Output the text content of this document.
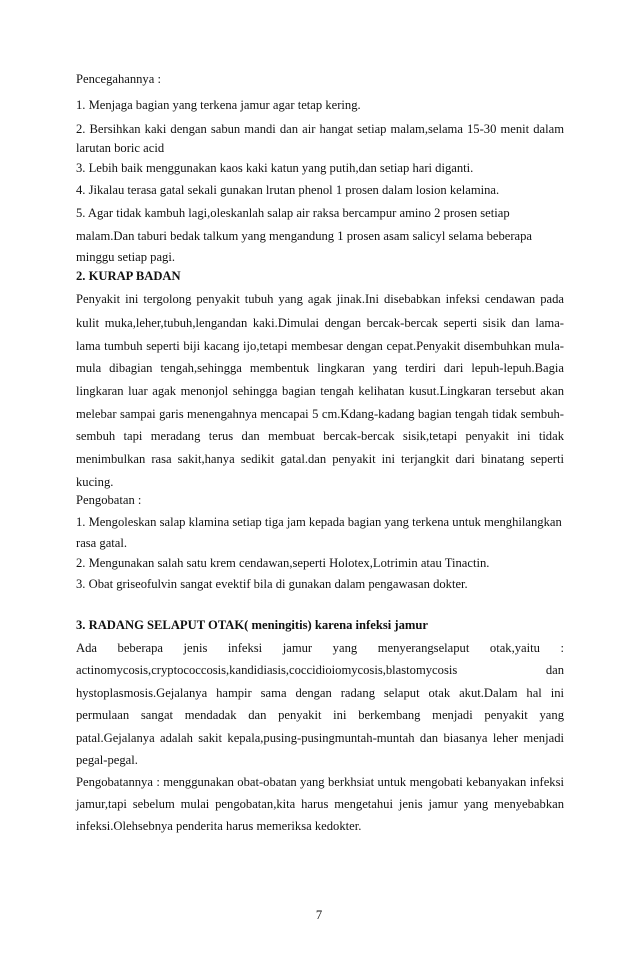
Pencegahannya :
1. Menjaga bagian yang terkena jamur agar tetap kering.
2. Bersihkan kaki dengan sabun mandi dan air hangat setiap malam,selama 15-30 menit dalam
larutan boric acid
3. Lebih baik menggunakan kaos kaki katun yang putih,dan setiap hari diganti.
4. Jikalau terasa gatal sekali gunakan lrutan phenol 1 prosen dalam losion kelamina.
5. Agar tidak kambuh lagi,oleskanlah salap air raksa bercampur amino 2 prosen setiap
malam.Dan taburi bedak talkum yang mengandung 1 prosen asam salicyl selama beberapa
minggu setiap pagi.
2. KURAP BADAN
Penyakit ini tergolong penyakit tubuh yang agak jinak.Ini disebabkan infeksi cendawan pada
kulit muka,leher,tubuh,lengandan kaki.Dimulai dengan bercak-bercak seperti sisik dan lama-
lama tumbuh seperti biji kacang ijo,tetapi membesar dengan cepat.Penyakit disembuhkan mula-
mula dibagian tengah,sehingga membentuk lingkaran yang terdiri dari lepuh-lepuh.Bagia
lingkaran luar agak menonjol sehingga bagian tengah kelihatan kusut.Lingkaran tersebut akan
melebar sampai garis menengahnya mencapai 5 cm.Kdang-kadang bagian tengah tidak sembuh-
sembuh tapi meradang terus dan membuat bercak-bercak sisik,tetapi penyakit ini tidak
menimbulkan rasa sakit,hanya sedikit gatal.dan penyakit ini terjangkit dari binatang seperti
kucing.
Pengobatan :
1. Mengoleskan salap klamina setiap tiga jam kepada bagian yang terkena untuk menghilangkan
rasa gatal.
2. Mengunakan salah satu krem cendawan,seperti Holotex,Lotrimin atau Tinactin.
3. Obat griseofulvin sangat evektif bila di gunakan dalam pengawasan dokter.
3. RADANG SELAPUT OTAK( meningitis) karena infeksi jamur
Ada beberapa jenis infeksi jamur yang menyerangselaput otak,yaitu :
actinomycosis,cryptococcosis,kandidiasis,coccidioiomycosis,blastomycosis dan
hystoplasmosis.Gejalanya hampir sama dengan radang selaput otak akut.Dalam hal ini
permulaan sangat mendadak dan penyakit ini berkembang menjadi penyakit yang
patal.Gejalanya adalah sakit kepala,pusing-pusingmuntah-muntah dan biasanya leher menjadi
pegal-pegal.
Pengobatannya : menggunakan obat-obatan yang berkhsiat untuk mengobati kebanyakan infeksi
jamur,tapi sebelum mulai pengobatan,kita harus mengetahui jenis jamur yang menyebabkan
infeksi.Olehsebnya penderita harus memeriksa kedokter.
7
